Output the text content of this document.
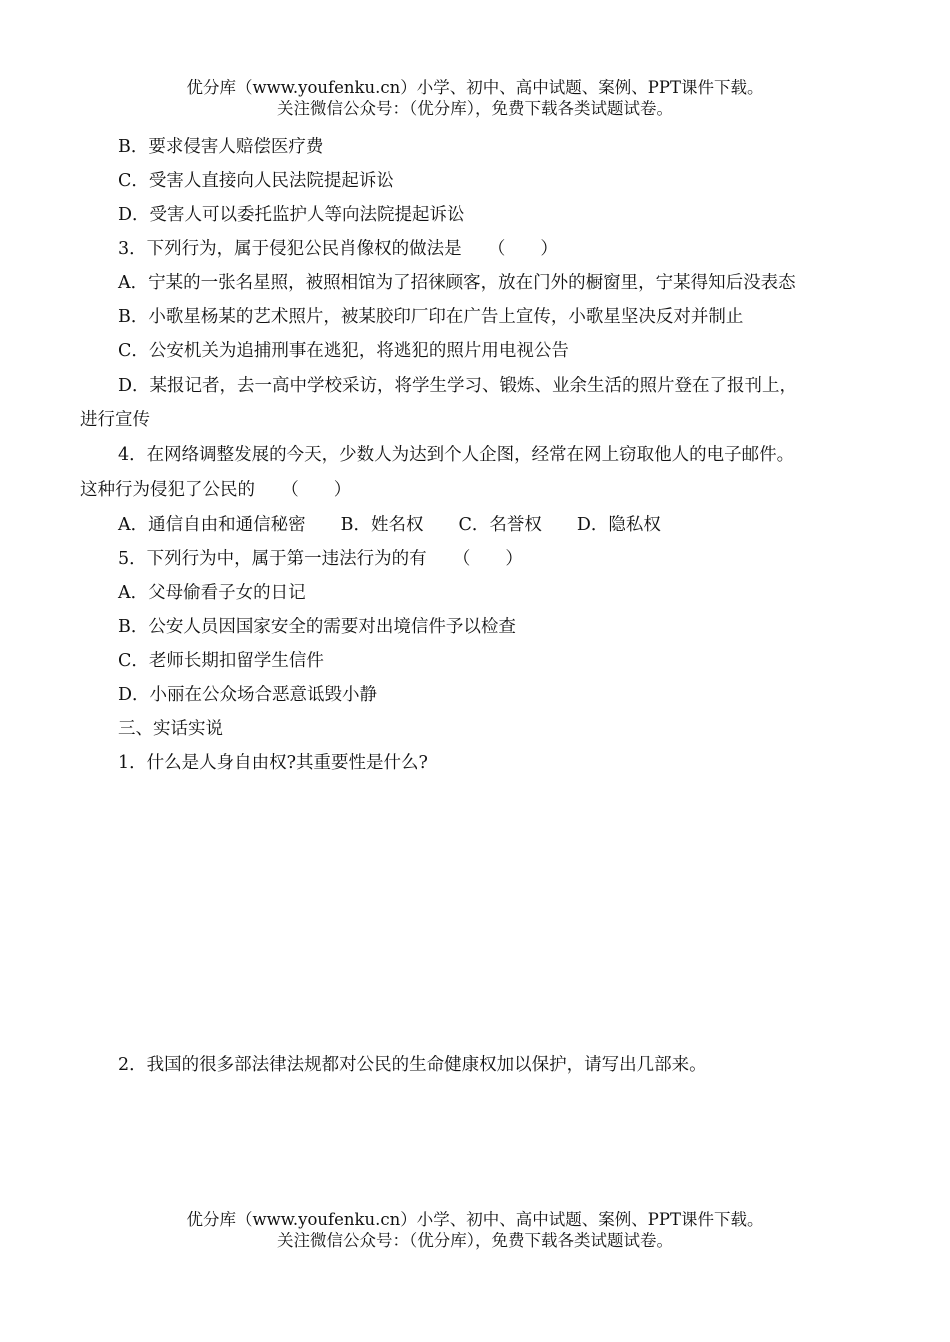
优分库（www.youfenku.cn）小学、初中、高中试题、案例、PPT课件下载。
关注微信公众号：（优分库），免费下载各类试题试卷。
B．要求侵害人赔偿医疗费
C．受害人直接向人民法院提起诉讼
D．受害人可以委托监护人等向法院提起诉讼
3．下列行为，属于侵犯公民肖像权的做法是　　（　　）
A．宁某的一张名星照，被照相馆为了招徕顾客，放在门外的橱窗里，宁某得知后没表态
B．小歌星杨某的艺术照片，被某胶印厂印在广告上宣传，小歌星坚决反对并制止
C．公安机关为追捕刑事在逃犯，将逃犯的照片用电视公告
D．某报记者，去一高中学校采访，将学生学习、锻炼、业余生活的照片登在了报刊上，
进行宣传
4．在网络调整发展的今天，少数人为达到个人企图，经常在网上窃取他人的电子邮件。
这种行为侵犯了公民的　　（　　）
A．通信自由和通信秘密　　B．姓名权　　C．名誉权　　D．隐私权
5．下列行为中，属于第一违法行为的有　　（　　）
A．父母偷看子女的日记
B．公安人员因国家安全的需要对出境信件予以检查
C．老师长期扣留学生信件
D．小丽在公众场合恶意诋毁小静
三、实话实说
1．什么是人身自由权?其重要性是什么?
2．我国的很多部法律法规都对公民的生命健康权加以保护，请写出几部来。
优分库（www.youfenku.cn）小学、初中、高中试题、案例、PPT课件下载。
关注微信公众号：（优分库），免费下载各类试题试卷。
